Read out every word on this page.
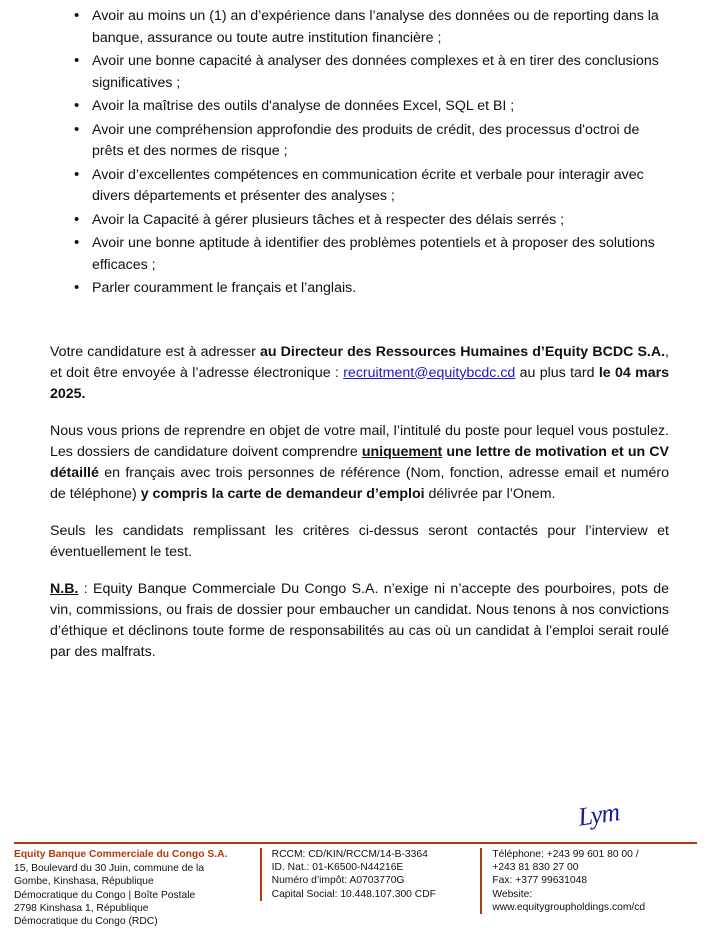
• Avoir au moins un (1) an d’expérience dans l’analyse des données ou de reporting dans la banque, assurance ou toute autre institution financière ;
• Avoir une bonne capacité à analyser des données complexes et à en tirer des conclusions significatives ;
• Avoir la maîtrise des outils d'analyse de données Excel, SQL et BI ;
• Avoir une compréhension approfondie des produits de crédit, des processus d'octroi de prêts et des normes de risque ;
• Avoir d’excellentes compétences en communication écrite et verbale pour interagir avec divers départements et présenter des analyses ;
• Avoir la Capacité à gérer plusieurs tâches et à respecter des délais serrés ;
• Avoir une bonne aptitude à identifier des problèmes potentiels et à proposer des solutions efficaces ;
• Parler couramment le français et l’anglais.

Votre candidature est à adresser au Directeur des Ressources Humaines d’Equity BCDC S.A., et doit être envoyée à l’adresse électronique : recruitment@equitybcdc.cd au plus tard le 04 mars 2025.

Nous vous prions de reprendre en objet de votre mail, l’intitulé du poste pour lequel vous postulez. Les dossiers de candidature doivent comprendre uniquement une lettre de motivation et un CV détaillé en français avec trois personnes de référence (Nom, fonction, adresse email et numéro de téléphone) y compris la carte de demandeur d’emploi délivrée par l’Onem.

Seuls les candidats remplissant les critères ci-dessus seront contactés pour l’interview et éventuellement le test.

N.B. : Equity Banque Commerciale Du Congo S.A. n’exige ni n’accepte des pourboires, pots de vin, commissions, ou frais de dossier pour embaucher un candidat. Nous tenons à nos convictions d’éthique et déclinons toute forme de responsabilités au cas où un candidat à l’emploi serait roulé par des malfrats.

Lym
Equity Banque Commerciale du Congo S.A.
15, Boulevard du 30 Juin, commune de la
Gombe, Kinshasa, République
Démocratique du Congo | Boîte Postale
2798 Kinshasa 1, République
Démocratique du Congo (RDC)
RCCM: CD/KIN/RCCM/14-B-3364
ID. Nat.: 01-K6500-N44216E
Numéro d’impôt: A0703770G
Capital Social: 10.448.107.300 CDF
Téléphone: +243 99 601 80 00 /
+243 81 830 27 00
Fax: +377 99631048
Website:
www.equitygroupholdings.com/cd
